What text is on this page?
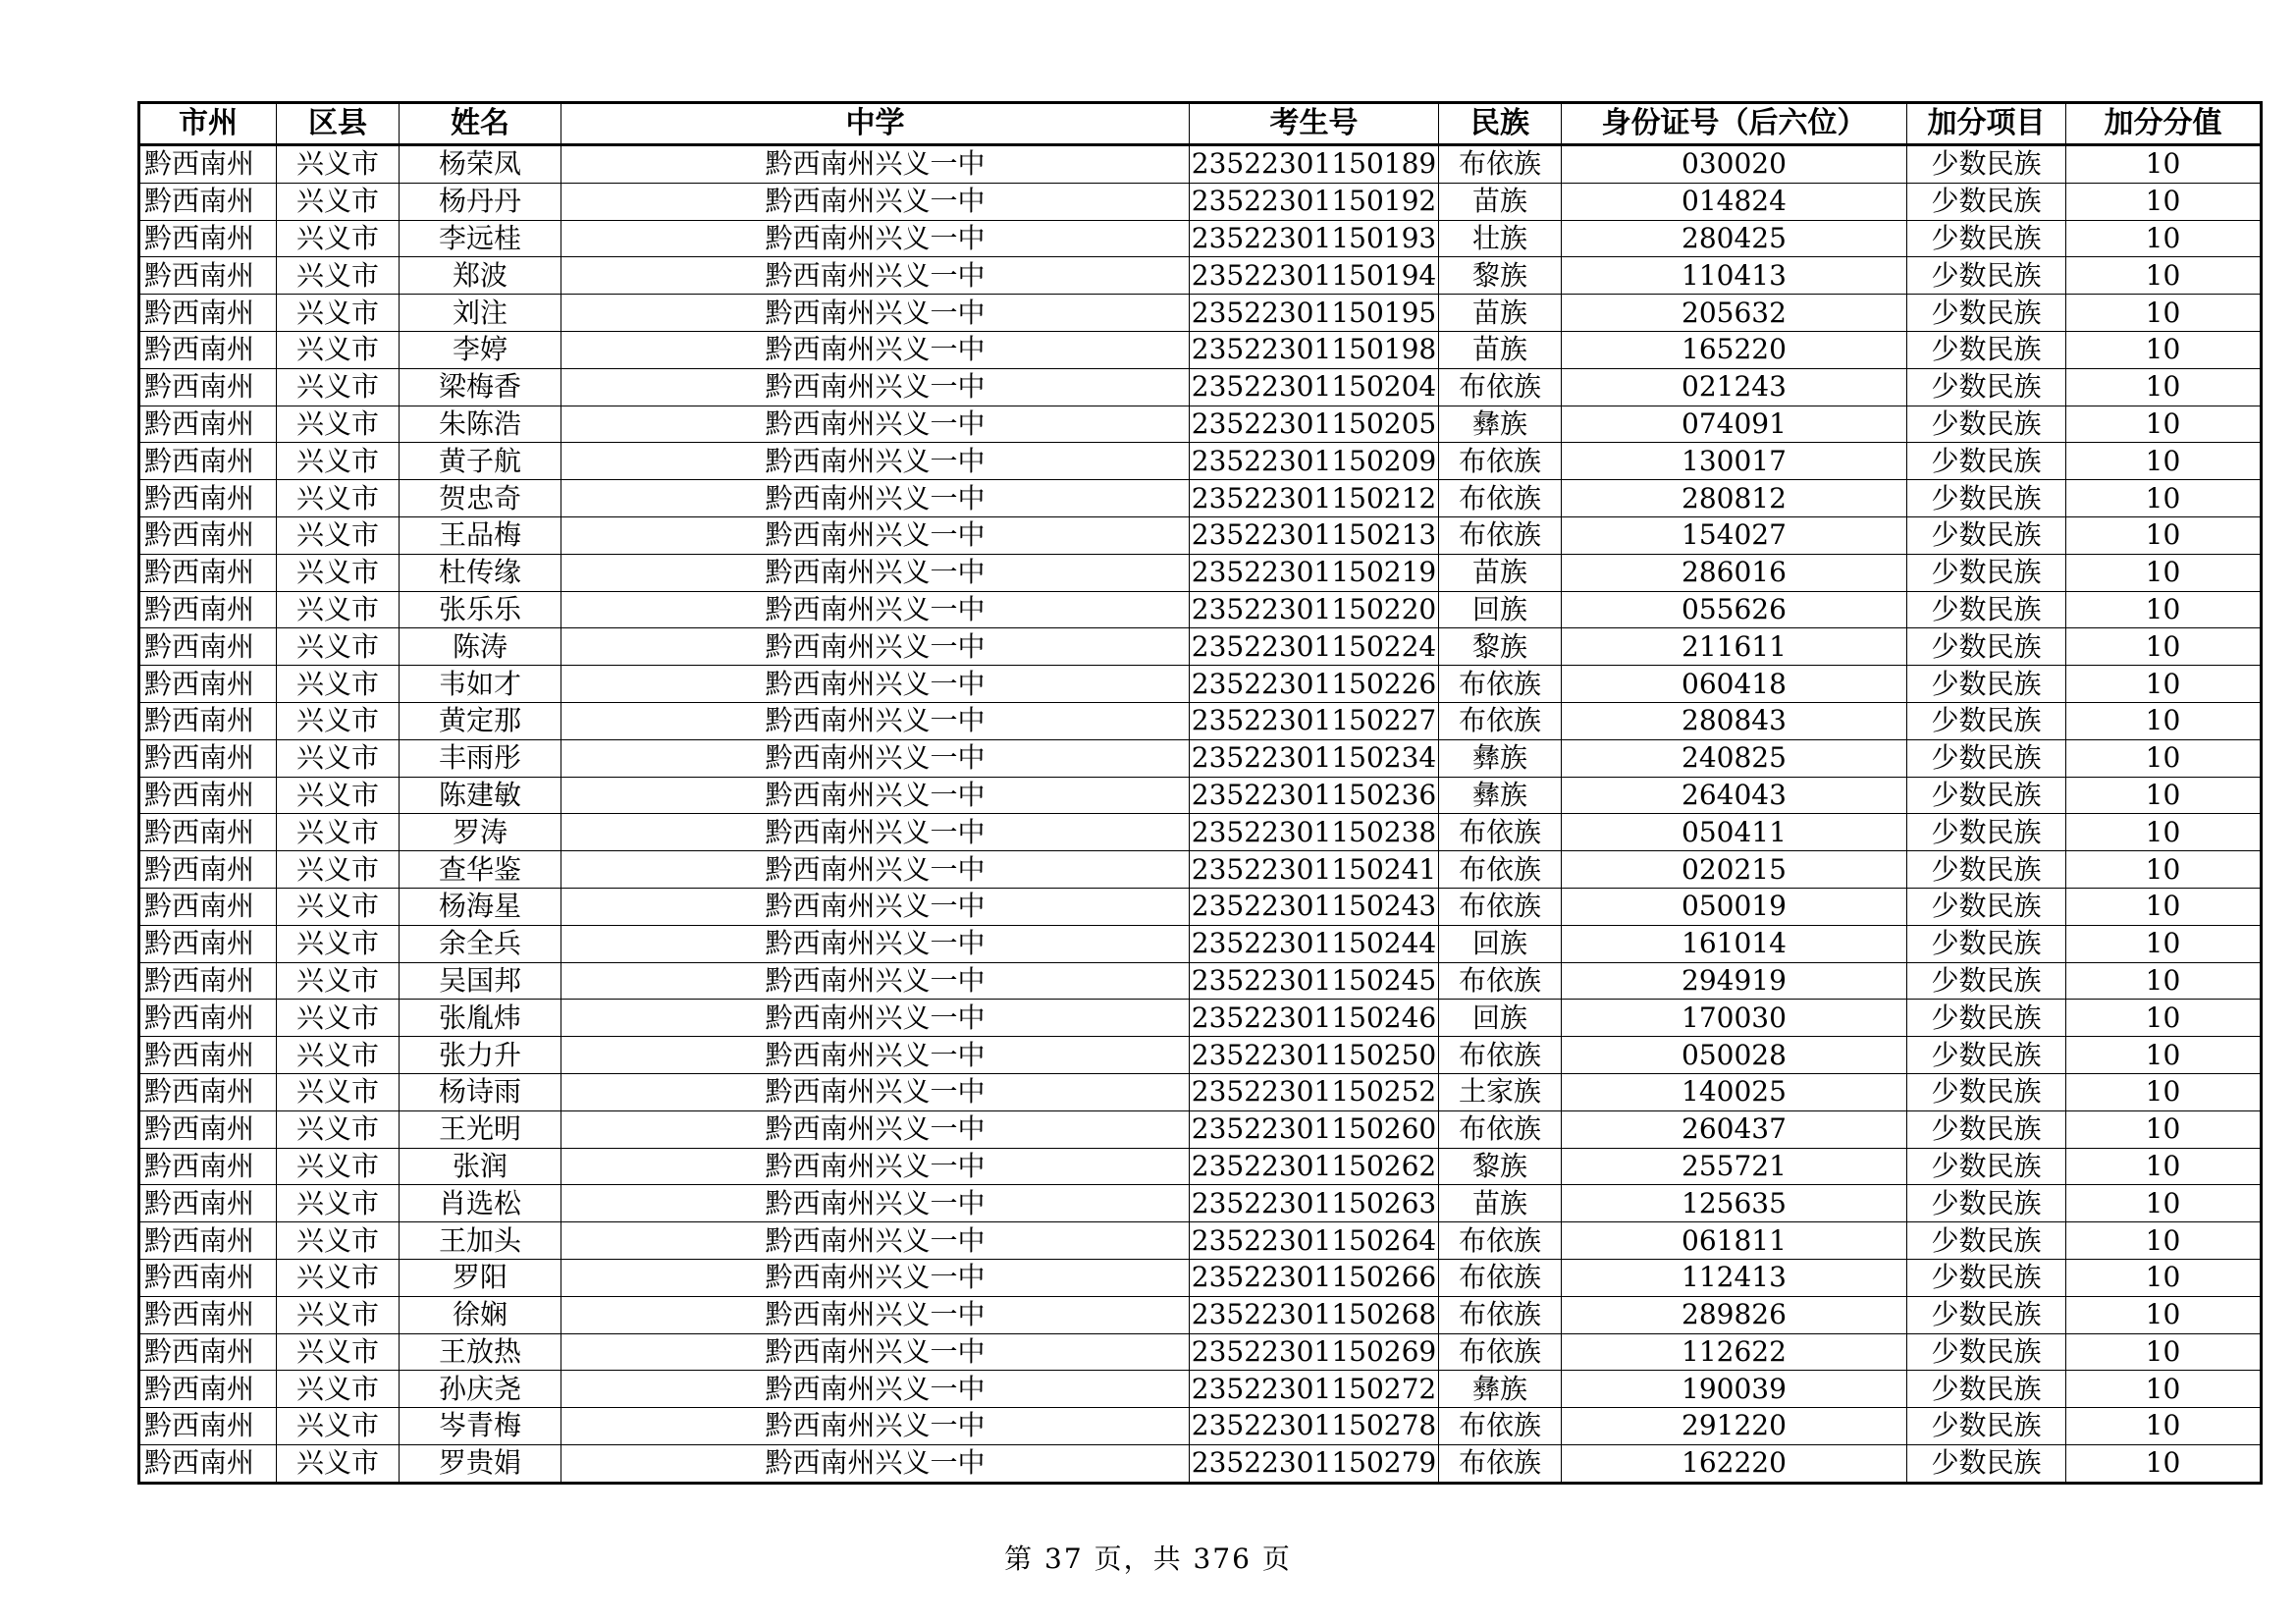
市州	区县	姓名	中学	考生号	民族	身份证号（后六位）	加分项目	加分分值
黔西南州	兴义市	杨荣凤	黔西南州兴义一中	23522301150189	布依族	030020	少数民族	10
黔西南州	兴义市	杨丹丹	黔西南州兴义一中	23522301150192	苗族	014824	少数民族	10
黔西南州	兴义市	李远桂	黔西南州兴义一中	23522301150193	壮族	280425	少数民族	10
黔西南州	兴义市	郑波	黔西南州兴义一中	23522301150194	黎族	110413	少数民族	10
黔西南州	兴义市	刘注	黔西南州兴义一中	23522301150195	苗族	205632	少数民族	10
黔西南州	兴义市	李婷	黔西南州兴义一中	23522301150198	苗族	165220	少数民族	10
黔西南州	兴义市	梁梅香	黔西南州兴义一中	23522301150204	布依族	021243	少数民族	10
黔西南州	兴义市	朱陈浩	黔西南州兴义一中	23522301150205	彝族	074091	少数民族	10
黔西南州	兴义市	黄子航	黔西南州兴义一中	23522301150209	布依族	130017	少数民族	10
黔西南州	兴义市	贺忠奇	黔西南州兴义一中	23522301150212	布依族	280812	少数民族	10
黔西南州	兴义市	王品梅	黔西南州兴义一中	23522301150213	布依族	154027	少数民族	10
黔西南州	兴义市	杜传缘	黔西南州兴义一中	23522301150219	苗族	286016	少数民族	10
黔西南州	兴义市	张乐乐	黔西南州兴义一中	23522301150220	回族	055626	少数民族	10
黔西南州	兴义市	陈涛	黔西南州兴义一中	23522301150224	黎族	211611	少数民族	10
黔西南州	兴义市	韦如才	黔西南州兴义一中	23522301150226	布依族	060418	少数民族	10
黔西南州	兴义市	黄定那	黔西南州兴义一中	23522301150227	布依族	280843	少数民族	10
黔西南州	兴义市	丰雨彤	黔西南州兴义一中	23522301150234	彝族	240825	少数民族	10
黔西南州	兴义市	陈建敏	黔西南州兴义一中	23522301150236	彝族	264043	少数民族	10
黔西南州	兴义市	罗涛	黔西南州兴义一中	23522301150238	布依族	050411	少数民族	10
黔西南州	兴义市	查华鉴	黔西南州兴义一中	23522301150241	布依族	020215	少数民族	10
黔西南州	兴义市	杨海星	黔西南州兴义一中	23522301150243	布依族	050019	少数民族	10
黔西南州	兴义市	余全兵	黔西南州兴义一中	23522301150244	回族	161014	少数民族	10
黔西南州	兴义市	吴国邦	黔西南州兴义一中	23522301150245	布依族	294919	少数民族	10
黔西南州	兴义市	张胤炜	黔西南州兴义一中	23522301150246	回族	170030	少数民族	10
黔西南州	兴义市	张力升	黔西南州兴义一中	23522301150250	布依族	050028	少数民族	10
黔西南州	兴义市	杨诗雨	黔西南州兴义一中	23522301150252	土家族	140025	少数民族	10
黔西南州	兴义市	王光明	黔西南州兴义一中	23522301150260	布依族	260437	少数民族	10
黔西南州	兴义市	张润	黔西南州兴义一中	23522301150262	黎族	255721	少数民族	10
黔西南州	兴义市	肖选松	黔西南州兴义一中	23522301150263	苗族	125635	少数民族	10
黔西南州	兴义市	王加头	黔西南州兴义一中	23522301150264	布依族	061811	少数民族	10
黔西南州	兴义市	罗阳	黔西南州兴义一中	23522301150266	布依族	112413	少数民族	10
黔西南州	兴义市	徐娴	黔西南州兴义一中	23522301150268	布依族	289826	少数民族	10
黔西南州	兴义市	王放热	黔西南州兴义一中	23522301150269	布依族	112622	少数民族	10
黔西南州	兴义市	孙庆尧	黔西南州兴义一中	23522301150272	彝族	190039	少数民族	10
黔西南州	兴义市	岑青梅	黔西南州兴义一中	23522301150278	布依族	291220	少数民族	10
黔西南州	兴义市	罗贵娟	黔西南州兴义一中	23522301150279	布依族	162220	少数民族	10
第 37 页，共 376 页
